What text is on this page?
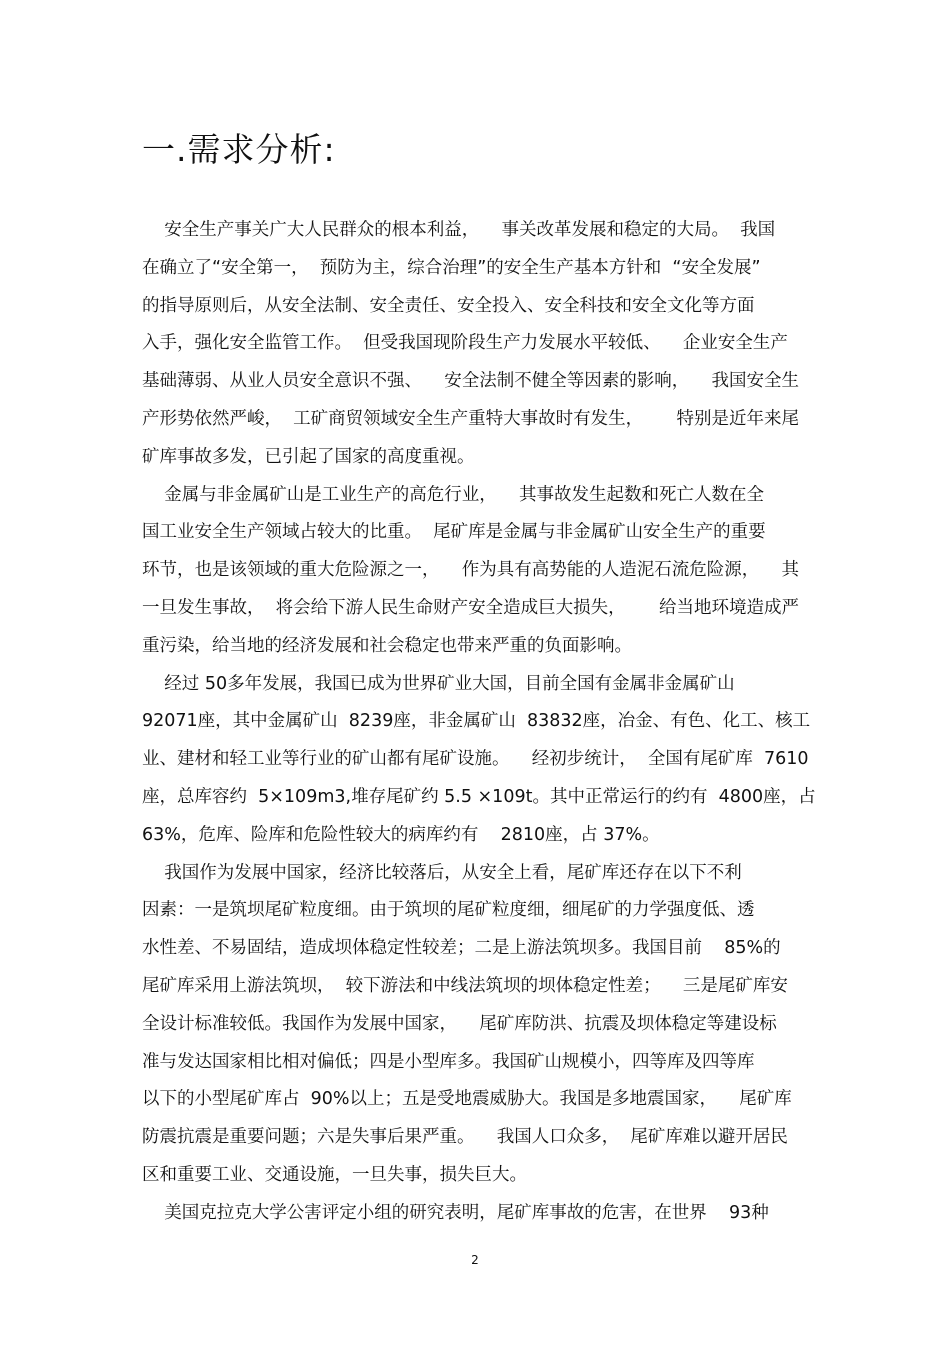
一.需求分析:
安全生产事关广大人民群众的根本利益，    事关改革发展和稳定的大局。  我国
在确立了“安全第一，  预防为主，综合治理”的安全生产基本方针和  “安全发展”
的指导原则后，从安全法制、安全责任、安全投入、安全科技和安全文化等方面
入手，强化安全监管工作。  但受我国现阶段生产力发展水平较低、    企业安全生产
基础薄弱、从业人员安全意识不强、    安全法制不健全等因素的影响，    我国安全生
产形势依然严峻，  工矿商贸领域安全生产重特大事故时有发生，      特别是近年来尾
矿库事故多发，已引起了国家的高度重视。
金属与非金属矿山是工业生产的高危行业，    其事故发生起数和死亡人数在全
国工业安全生产领域占较大的比重。  尾矿库是金属与非金属矿山安全生产的重要
环节，也是该领域的重大危险源之一，    作为具有高势能的人造泥石流危险源，    其
一旦发生事故，  将会给下游人民生命财产安全造成巨大损失，      给当地环境造成严
重污染，给当地的经济发展和社会稳定也带来严重的负面影响。
经过 50多年发展，我国已成为世界矿业大国，目前全国有金属非金属矿山
92071座，其中金属矿山  8239座，非金属矿山  83832座，冶金、有色、化工、核工
业、建材和轻工业等行业的矿山都有尾矿设施。    经初步统计，  全国有尾矿库  7610
座，总库容约  5×109m3,堆存尾矿约 5.5 ×109t。其中正常运行的约有  4800座，占
63%，危库、险库和危险性较大的病库约有    2810座，占 37%。
我国作为发展中国家，经济比较落后，从安全上看，尾矿库还存在以下不利
因素：一是筑坝尾矿粒度细。由于筑坝的尾矿粒度细，细尾矿的力学强度低、透
水性差、不易固结，造成坝体稳定性较差；二是上游法筑坝多。我国目前    85%的
尾矿库采用上游法筑坝，  较下游法和中线法筑坝的坝体稳定性差；    三是尾矿库安
全设计标准较低。我国作为发展中国家，    尾矿库防洪、抗震及坝体稳定等建设标
准与发达国家相比相对偏低；四是小型库多。我国矿山规模小，四等库及四等库
以下的小型尾矿库占  90%以上；五是受地震威胁大。我国是多地震国家，    尾矿库
防震抗震是重要问题；六是失事后果严重。    我国人口众多，  尾矿库难以避开居民
区和重要工业、交通设施，一旦失事，损失巨大。
美国克拉克大学公害评定小组的研究表明，尾矿库事故的危害，在世界    93种
2
